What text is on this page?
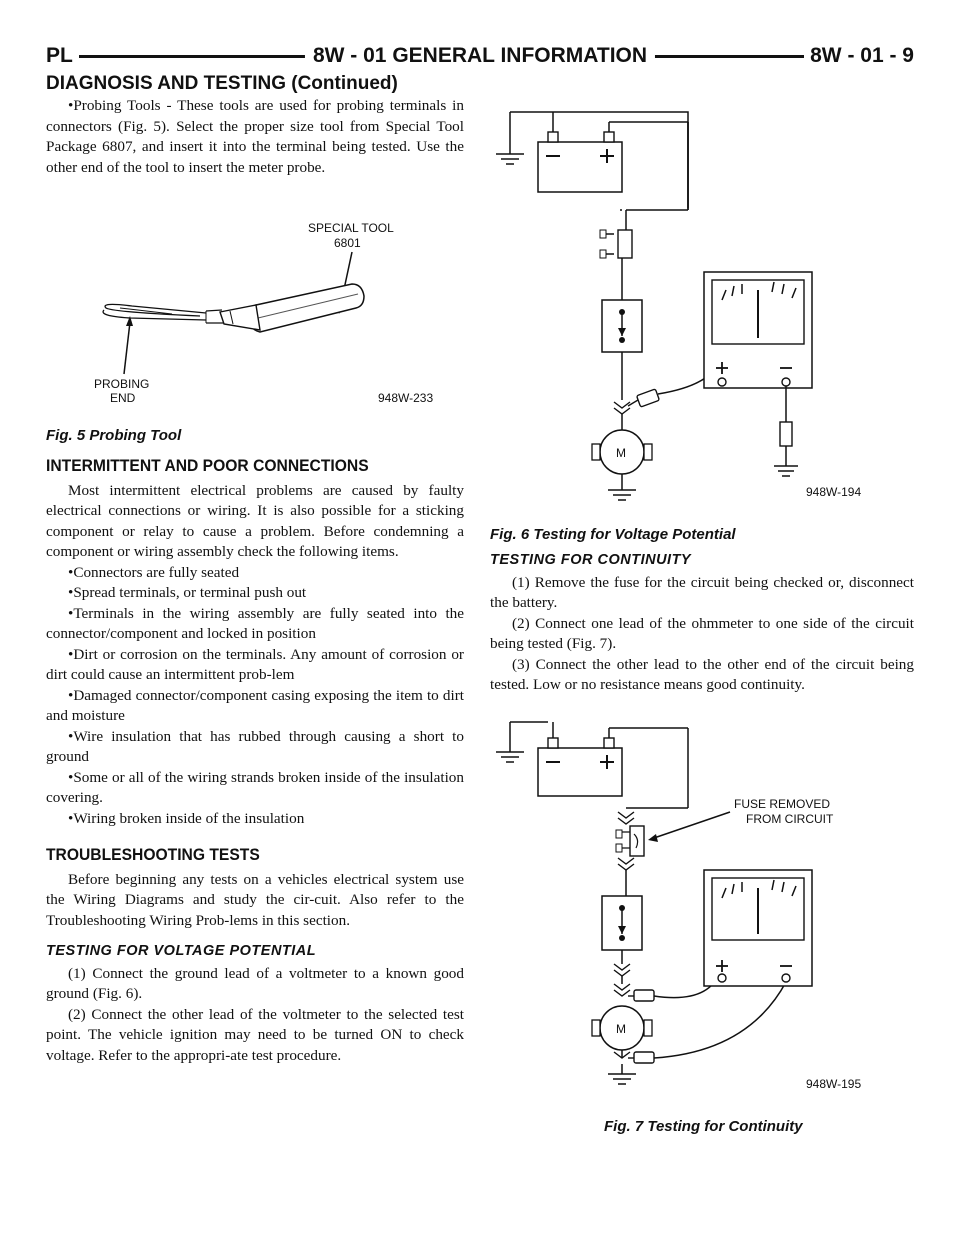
PL	8W - 01 GENERAL INFORMATION	8W - 01 - 9
DIAGNOSIS AND TESTING (Continued)

•Probing Tools - These tools are used for probing terminals in connectors (Fig. 5). Select the proper size tool from Special Tool Package 6807, and insert it into the terminal being tested. Use the other end of the tool to insert the meter probe.

SPECIAL TOOL
6801
PROBING
END	948W-233
Fig. 5 Probing Tool
INTERMITTENT AND POOR CONNECTIONS

Most intermittent electrical problems are caused by faulty electrical connections or wiring. It is also possible for a sticking component or relay to cause a problem. Before condemning a component or wiring assembly check the following items.

•Connectors are fully seated

•Spread terminals, or terminal push out

•Terminals in the wiring assembly are fully seated into the connector/component and locked in position

•Dirt or corrosion on the terminals. Any amount of corrosion or dirt could cause an intermittent prob-lem

•Damaged connector/component casing exposing the item to dirt and moisture

•Wire insulation that has rubbed through causing a short to ground

•Some or all of the wiring strands broken inside of the insulation covering.

•Wiring broken inside of the insulation

TROUBLESHOOTING TESTS

Before beginning any tests on a vehicles electrical system use the Wiring Diagrams and study the cir-cuit. Also refer to the Troubleshooting Wiring Prob-lems in this section.

TESTING FOR VOLTAGE POTENTIAL

(1) Connect the ground lead of a voltmeter to a known good ground (Fig. 6).

(2) Connect the other lead of the voltmeter to the selected test point. The vehicle ignition may need to be turned ON to check voltage. Refer to the appropri-ate test procedure.

M
948W-194
Fig. 6 Testing for Voltage Potential
TESTING FOR CONTINUITY

(1) Remove the fuse for the circuit being checked or, disconnect the battery.

(2) Connect one lead of the ohmmeter to one side of the circuit being tested (Fig. 7).

(3) Connect the other lead to the other end of the circuit being tested. Low or no resistance means good continuity.

FUSE REMOVED
FROM CIRCUIT
M
948W-195
Fig. 7 Testing for Continuity
